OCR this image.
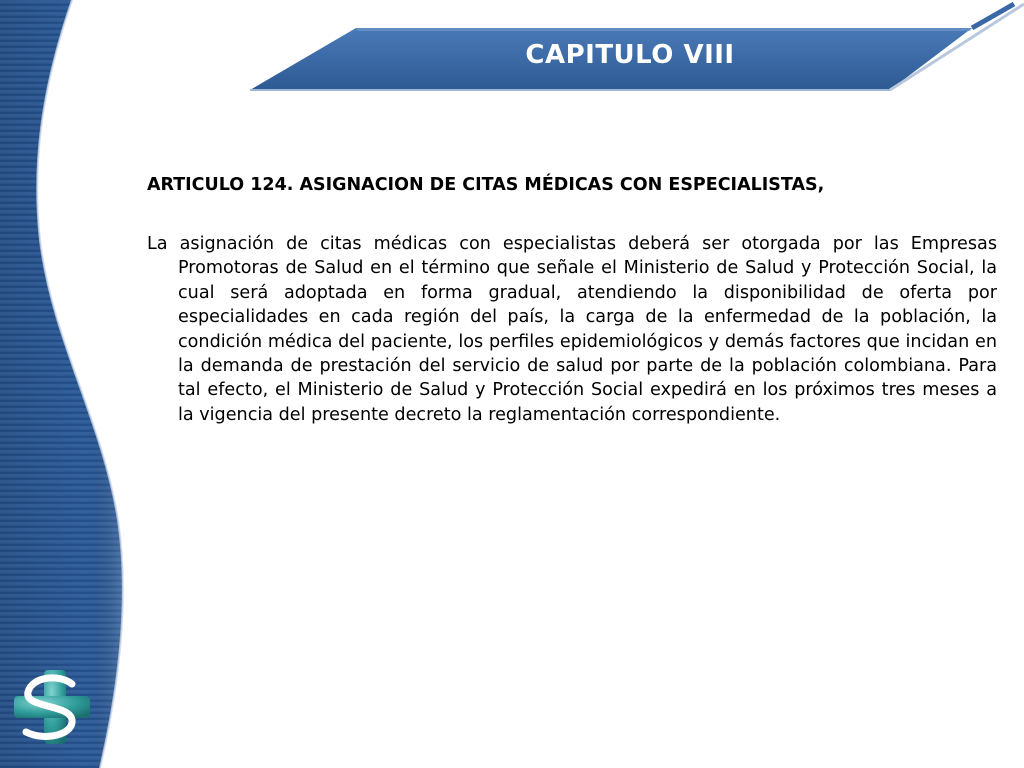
CAPITULO VIII

ARTICULO 124. ASIGNACION DE CITAS MÉDICAS CON ESPECIALISTAS,

La asignación de citas médicas con especialistas deberá ser otorgada por las Empresas Promotoras de Salud en el término que señale el Ministerio de Salud y Protección Social, la cual será adoptada en forma gradual, atendiendo la disponibilidad de oferta por especialidades en cada región del país, la carga de la enfermedad de la población, la condición médica del paciente, los perfiles epidemiológicos y demás factores que incidan en la demanda de prestación del servicio de salud por parte de la población colombiana. Para tal efecto, el Ministerio de Salud y Protección Social expedirá en los próximos tres meses a la vigencia del presente decreto la reglamentación correspondiente.
